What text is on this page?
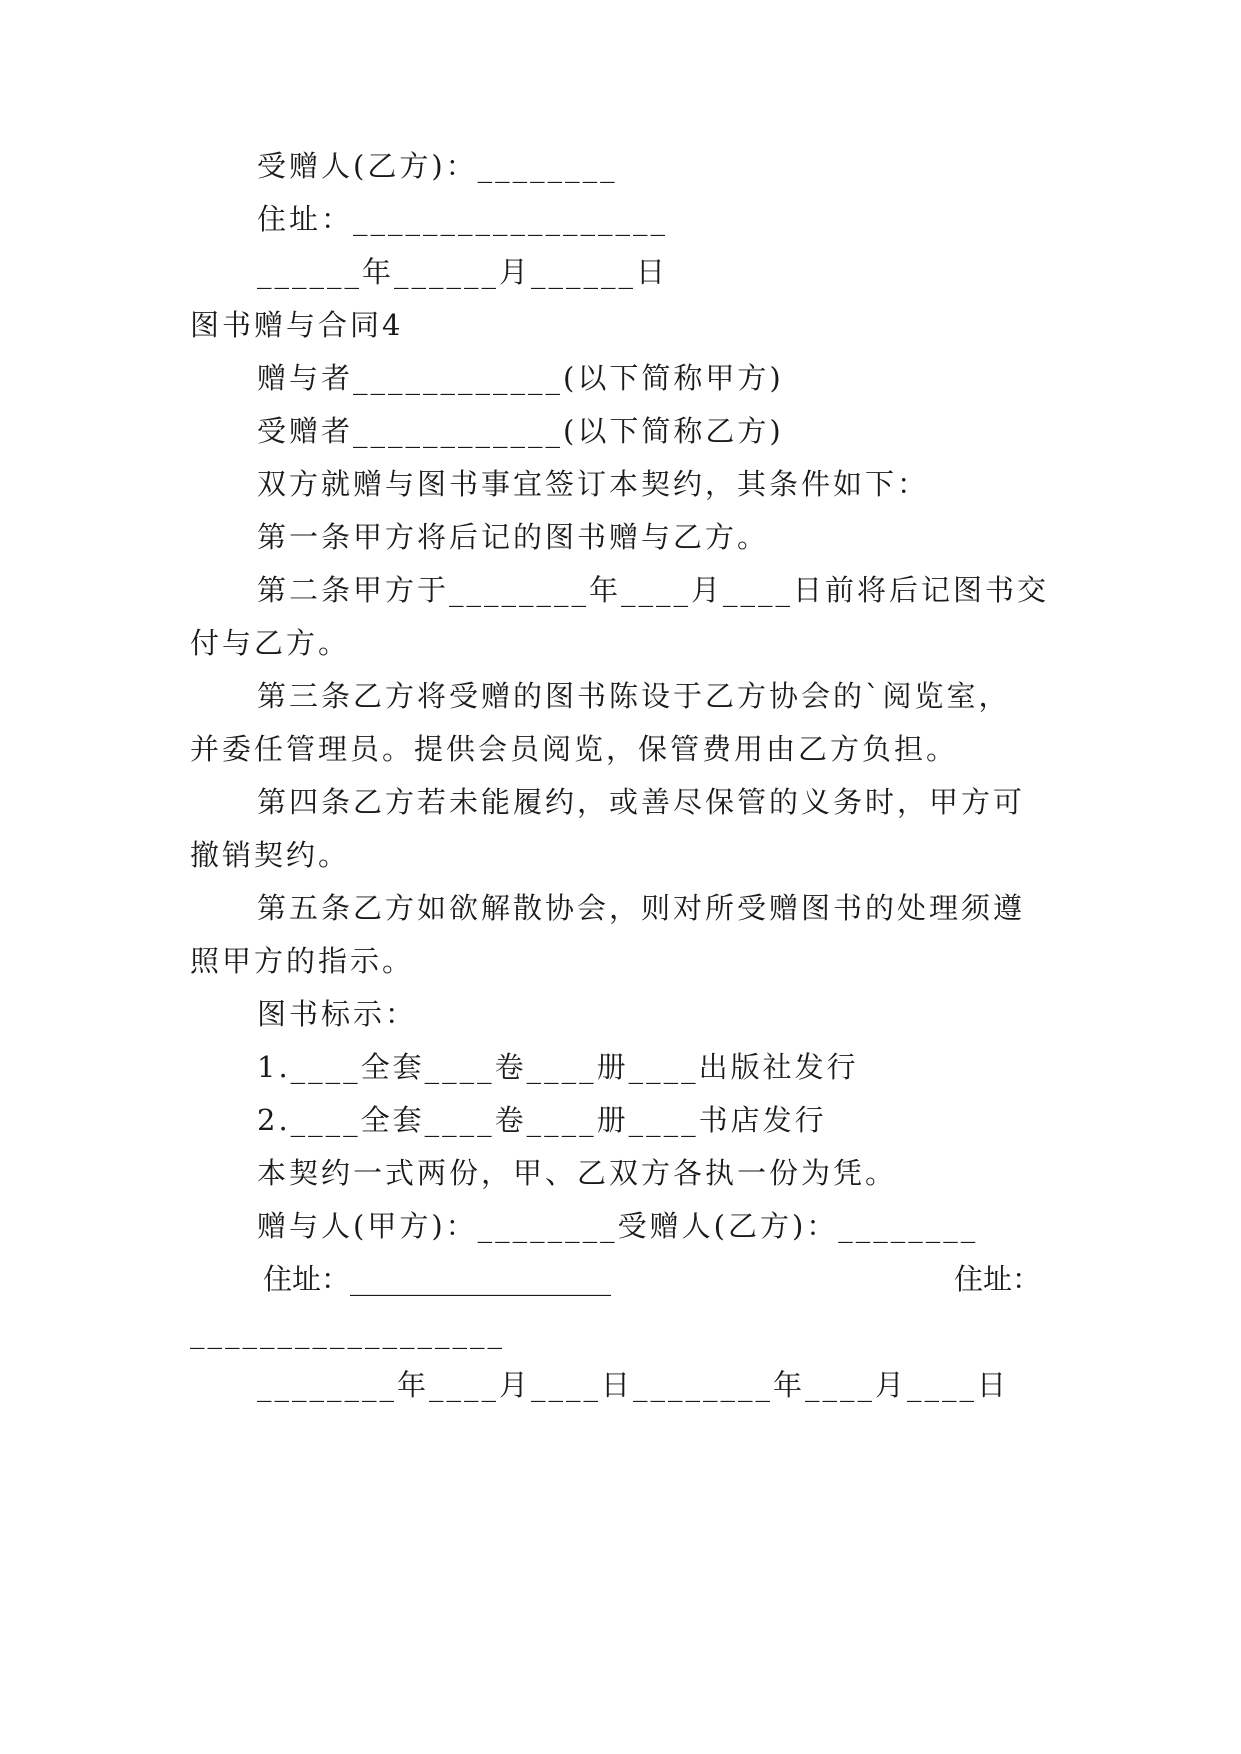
受赠人(乙方)：________

住址：__________________

______年______月______日

图书赠与合同4

赠与者____________(以下简称甲方)

受赠者____________(以下简称乙方)

双方就赠与图书事宜签订本契约，其条件如下：

第一条甲方将后记的图书赠与乙方。

第二条甲方于________年____月____日前将后记图书交

付与乙方。

第三条乙方将受赠的图书陈设于乙方协会的`阅览室，

并委任管理员。提供会员阅览，保管费用由乙方负担。

第四条乙方若未能履约，或善尽保管的义务时，甲方可

撤销契约。

第五条乙方如欲解散协会，则对所受赠图书的处理须遵

照甲方的指示。

图书标示：

1.____全套____卷____册____出版社发行

2.____全套____卷____册____书店发行

本契约一式两份，甲、乙双方各执一份为凭。

赠与人(甲方)：________受赠人(乙方)：________

住址：__________________	住址：

__________________

________年____月____日________年____月____日
